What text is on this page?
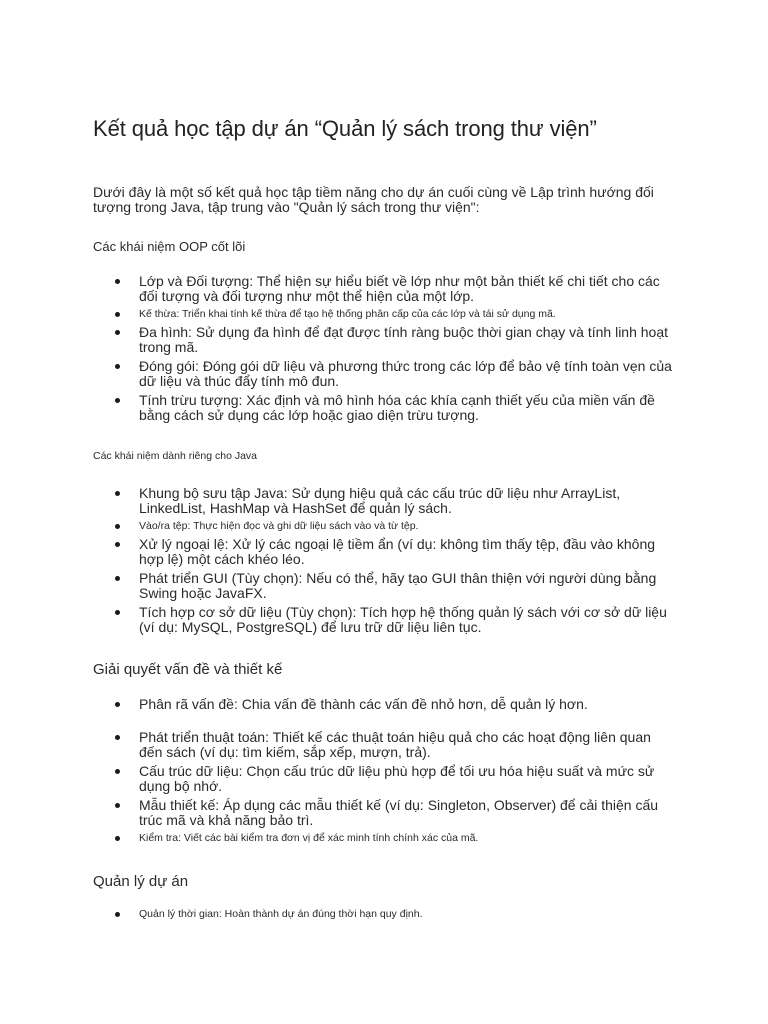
Kết quả học tập dự án “Quản lý sách trong thư viện”

Dưới đây là một số kết quả học tập tiềm năng cho dự án cuối cùng về Lập trình hướng đối tượng trong Java, tập trung vào "Quản lý sách trong thư viện":

Các khái niệm OOP cốt lõi
Lớp và Đối tượng: Thể hiện sự hiểu biết về lớp như một bản thiết kế chi tiết cho các đối tượng và đối tượng như một thể hiện của một lớp.
Kế thừa: Triển khai tính kế thừa để tạo hệ thống phân cấp của các lớp và tái sử dụng mã.
Đa hình: Sử dụng đa hình để đạt được tính ràng buộc thời gian chạy và tính linh hoạt trong mã.
Đóng gói: Đóng gói dữ liệu và phương thức trong các lớp để bảo vệ tính toàn vẹn của dữ liệu và thúc đẩy tính mô đun.
Tính trừu tượng: Xác định và mô hình hóa các khía cạnh thiết yếu của miền vấn đề bằng cách sử dụng các lớp hoặc giao diện trừu tượng.
Các khái niệm dành riêng cho Java
Khung bộ sưu tập Java: Sử dụng hiệu quả các cấu trúc dữ liệu như ArrayList, LinkedList, HashMap và HashSet để quản lý sách.
Vào/ra tệp: Thực hiện đọc và ghi dữ liệu sách vào và từ tệp.
Xử lý ngoại lệ: Xử lý các ngoại lệ tiềm ẩn (ví dụ: không tìm thấy tệp, đầu vào không hợp lệ) một cách khéo léo.
Phát triển GUI (Tùy chọn): Nếu có thể, hãy tạo GUI thân thiện với người dùng bằng Swing hoặc JavaFX.
Tích hợp cơ sở dữ liệu (Tùy chọn): Tích hợp hệ thống quản lý sách với cơ sở dữ liệu (ví dụ: MySQL, PostgreSQL) để lưu trữ dữ liệu liên tục.
Giải quyết vấn đề và thiết kế
Phân rã vấn đề: Chia vấn đề thành các vấn đề nhỏ hơn, dễ quản lý hơn.
Phát triển thuật toán: Thiết kế các thuật toán hiệu quả cho các hoạt động liên quan đến sách (ví dụ: tìm kiếm, sắp xếp, mượn, trả).
Cấu trúc dữ liệu: Chọn cấu trúc dữ liệu phù hợp để tối ưu hóa hiệu suất và mức sử dụng bộ nhớ.
Mẫu thiết kế: Áp dụng các mẫu thiết kế (ví dụ: Singleton, Observer) để cải thiện cấu trúc mã và khả năng bảo trì.
Kiểm tra: Viết các bài kiểm tra đơn vị để xác minh tính chính xác của mã.
Quản lý dự án
Quản lý thời gian: Hoàn thành dự án đúng thời hạn quy định.
